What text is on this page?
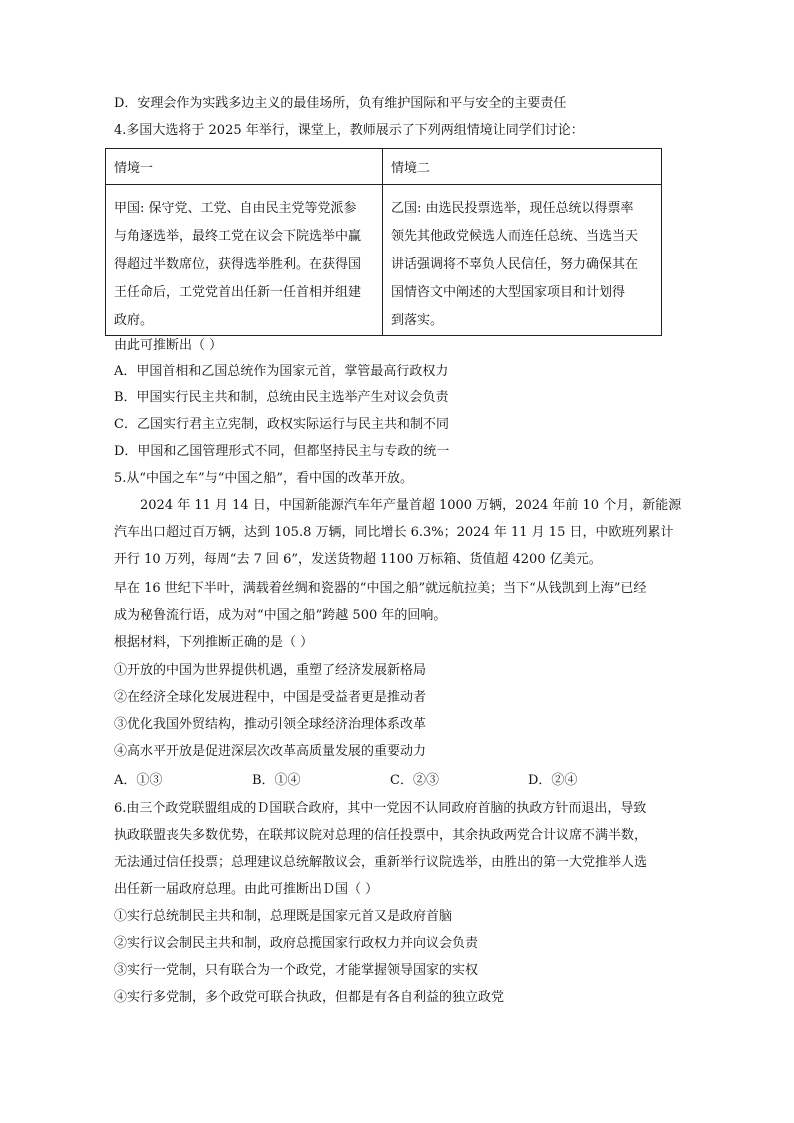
D．安理会作为实践多边主义的最佳场所，负有维护国际和平与安全的主要责任
4.多国大选将于 2025 年举行，课堂上，教师展示了下列两组情境让同学们讨论：
情境一	情境二

甲国: 保守党、工党、自由民主党等党派参
与角逐选举，最终工党在议会下院选举中赢
得超过半数席位，获得选举胜利。在获得国
王任命后，工党党首出任新一任首相并组建
政府。	乙国: 由选民投票选举，现任总统以得票率
领先其他政党候选人而连任总统、当选当天
讲话强调将不辜负人民信任，努力确保其在
国情咨文中阐述的大型国家项目和计划得
到落实。
由此可推断出（ ）
A．甲国首相和乙国总统作为国家元首，掌管最高行政权力
B．甲国实行民主共和制，总统由民主选举产生对议会负责
C．乙国实行君主立宪制，政权实际运行与民主共和制不同
D．甲国和乙国管理形式不同，但都坚持民主与专政的统一
5.从“中国之车”与“中国之船”，看中国的改革开放。
2024 年 11 月 14 日，中国新能源汽车年产量首超 1000 万辆，2024 年前 10 个月，新能源
汽车出口超过百万辆，达到 105.8 万辆，同比增长 6.3%；2024 年 11 月 15 日，中欧班列累计
开行 10 万列，每周“去 7 回 6”，发送货物超 1100 万标箱、货值超 4200 亿美元。
早在 16 世纪下半叶，满载着丝绸和瓷器的“中国之船”就远航拉美；当下“从钱凯到上海”已经
成为秘鲁流行语，成为对“中国之船”跨越 500 年的回响。
根据材料，下列推断正确的是（ ）
①开放的中国为世界提供机遇，重塑了经济发展新格局
②在经济全球化发展进程中，中国是受益者更是推动者
③优化我国外贸结构，推动引领全球经济治理体系改革
④高水平开放是促进深层次改革高质量发展的重要动力
A．①③	B．①④	C．②③	D．②④
6.由三个政党联盟组成的Ｄ国联合政府，其中一党因不认同政府首脑的执政方针而退出，导致
执政联盟丧失多数优势，在联邦议院对总理的信任投票中，其余执政两党合计议席不满半数，
无法通过信任投票；总理建议总统解散议会，重新举行议院选举，由胜出的第一大党推举人选
出任新一届政府总理。由此可推断出Ｄ国（ ）
①实行总统制民主共和制，总理既是国家元首又是政府首脑
②实行议会制民主共和制，政府总揽国家行政权力并向议会负责
③实行一党制，只有联合为一个政党，才能掌握领导国家的实权
④实行多党制，多个政党可联合执政，但都是有各自利益的独立政党
